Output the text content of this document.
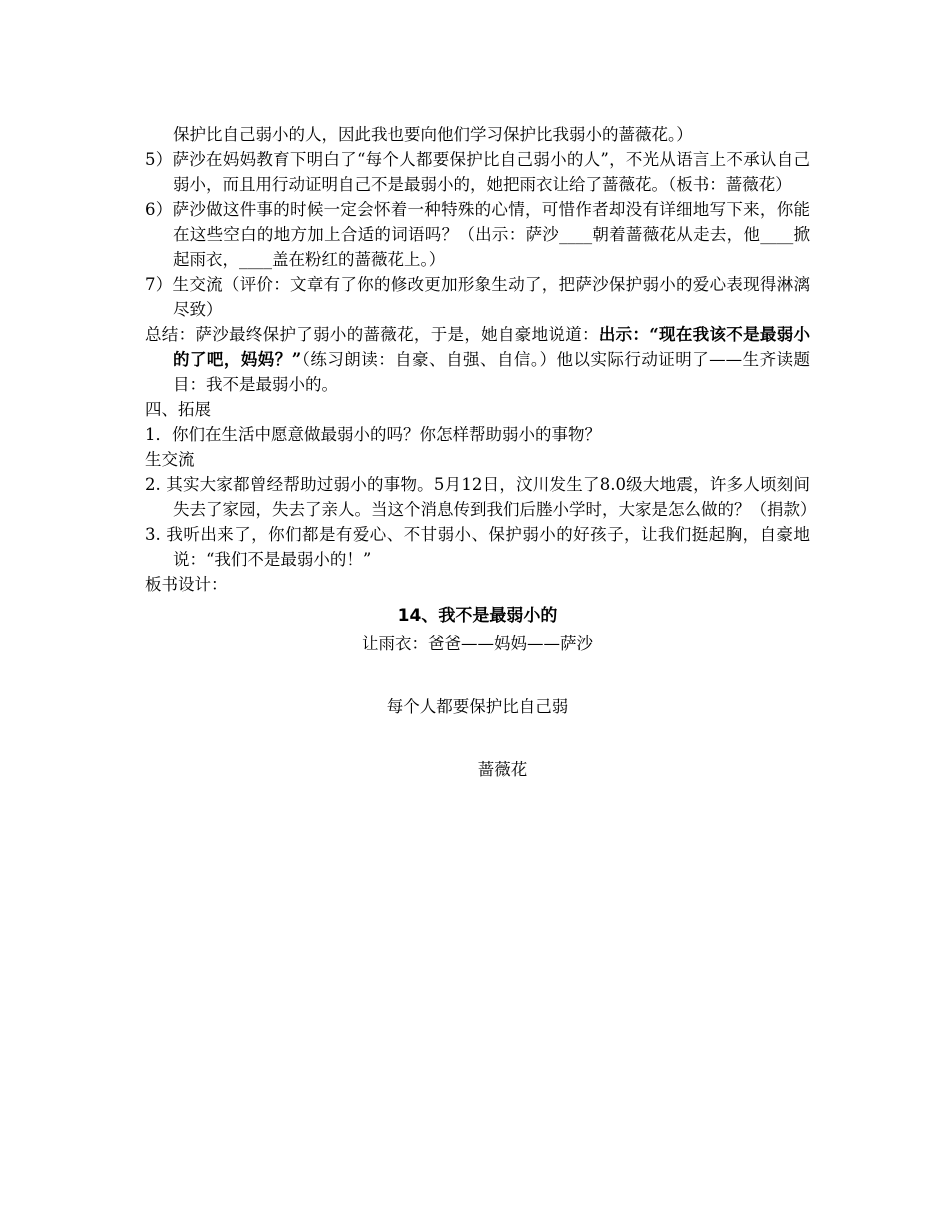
保护比自己弱小的人，因此我也要向他们学习保护比我弱小的蔷薇花。）

5）萨沙在妈妈教育下明白了“每个人都要保护比自己弱小的人”，不光从语言上不承认自己弱小，而且用行动证明自己不是最弱小的，她把雨衣让给了蔷薇花。（板书：蔷薇花）

6）萨沙做这件事的时候一定会怀着一种特殊的心情，可惜作者却没有详细地写下来，你能在这些空白的地方加上合适的词语吗？（出示：萨沙____朝着蔷薇花从走去，他____掀起雨衣，____盖在粉红的蔷薇花上。）

7）生交流（评价：文章有了你的修改更加形象生动了，把萨沙保护弱小的爱心表现得淋漓尽致）

总结：萨沙最终保护了弱小的蔷薇花，于是，她自豪地说道：出示：“现在我该不是最弱小的了吧，妈妈？”（练习朗读：自豪、自强、自信。）他以实际行动证明了——生齐读题目：我不是最弱小的。

四、拓展

1．你们在生活中愿意做最弱小的吗？你怎样帮助弱小的事物？

生交流

2. 其实大家都曾经帮助过弱小的事物。5月12日，汶川发生了8.0级大地震，许多人顷刻间失去了家园，失去了亲人。当这个消息传到我们后塍小学时，大家是怎么做的？（捐款）

3. 我听出来了，你们都是有爱心、不甘弱小、保护弱小的好孩子，让我们挺起胸，自豪地说：“我们不是最弱小的！”

板书设计：

14、我不是最弱小的
让雨衣：爸爸——妈妈——萨沙
每个人都要保护比自己弱
蔷薇花
